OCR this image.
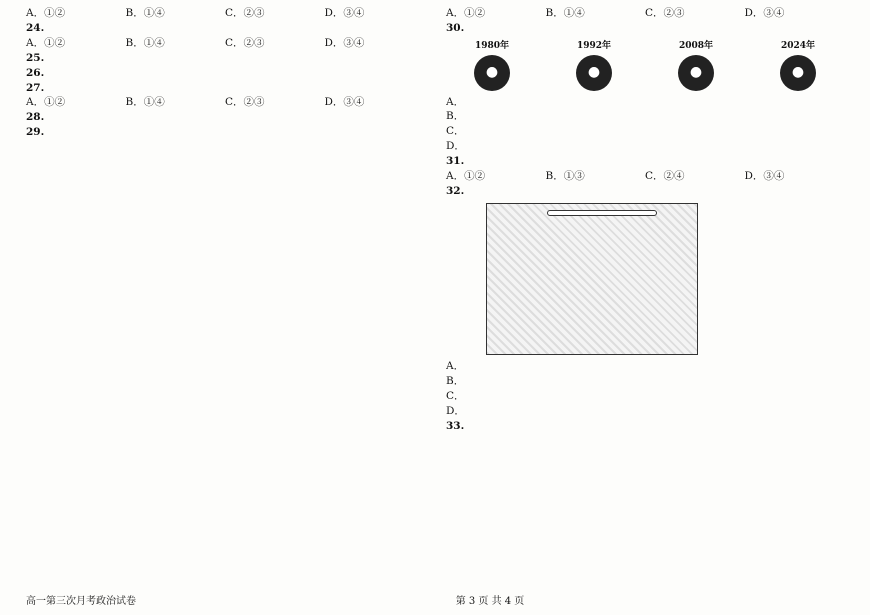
A．①②	B．①④	C．②③	D．③④
24.
A．①②	B．①④	C．②③	D．③④
25.
26.
27.
A．①②	B．①④	C．②③	D．③④
28.
29.
A．①②	B．①④	C．②③	D．③④
30.
1980年
●
1992年
●
2008年
●
2024年
●
A．
B．
C．
D．
31.
A．①②	B．①③	C．②④	D．③④
32.
A．
B．
C．
D．
33.
高一第三次月考政治试卷	第 3 页 共 4 页
